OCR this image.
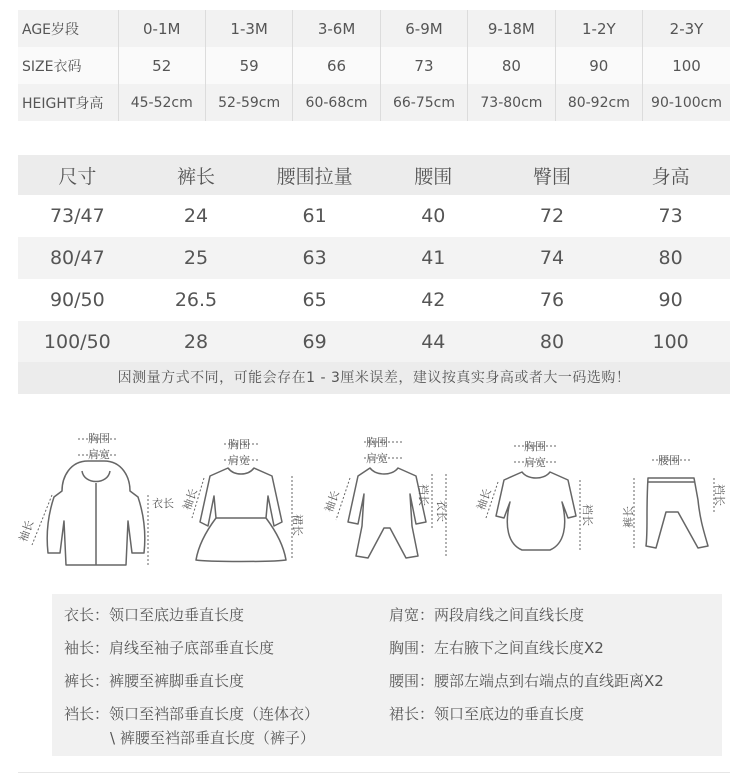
AGE岁段	0-1M	1-3M	3-6M	6-9M	9-18M	1-2Y	2-3Y
SIZE衣码	52	59	66	73	80	90	100
HEIGHT身高	45-52cm	52-59cm	60-68cm	66-75cm	73-80cm	80-92cm	90-100cm
尺寸	裤长	腰围拉量	腰围	臀围	身高
73/47	24	61	40	72	73
80/47	25	63	41	74	80
90/50	26.5	65	42	76	90
100/50	28	69	44	80	100
因测量方式不同，可能会存在1 - 3厘米误差，建议按真实身高或者大一码选购！
胸围
肩宽
衣长
袖长
胸围
肩宽
裙长
袖长
胸围
肩宽
裆长
衣长
袖长
胸围
肩宽
裆长
袖长
腰围
裆长
裤长
衣长：领口至底边垂直长度
袖长：肩线至袖子底部垂直长度
裤长：裤腰至裤脚垂直长度
裆长：领口至裆部垂直长度（连体衣）
\ 裤腰至裆部垂直长度（裤子）
肩宽：两段肩线之间直线长度
胸围：左右腋下之间直线长度X2
腰围：腰部左端点到右端点的直线距离X2
裙长：领口至底边的垂直长度
